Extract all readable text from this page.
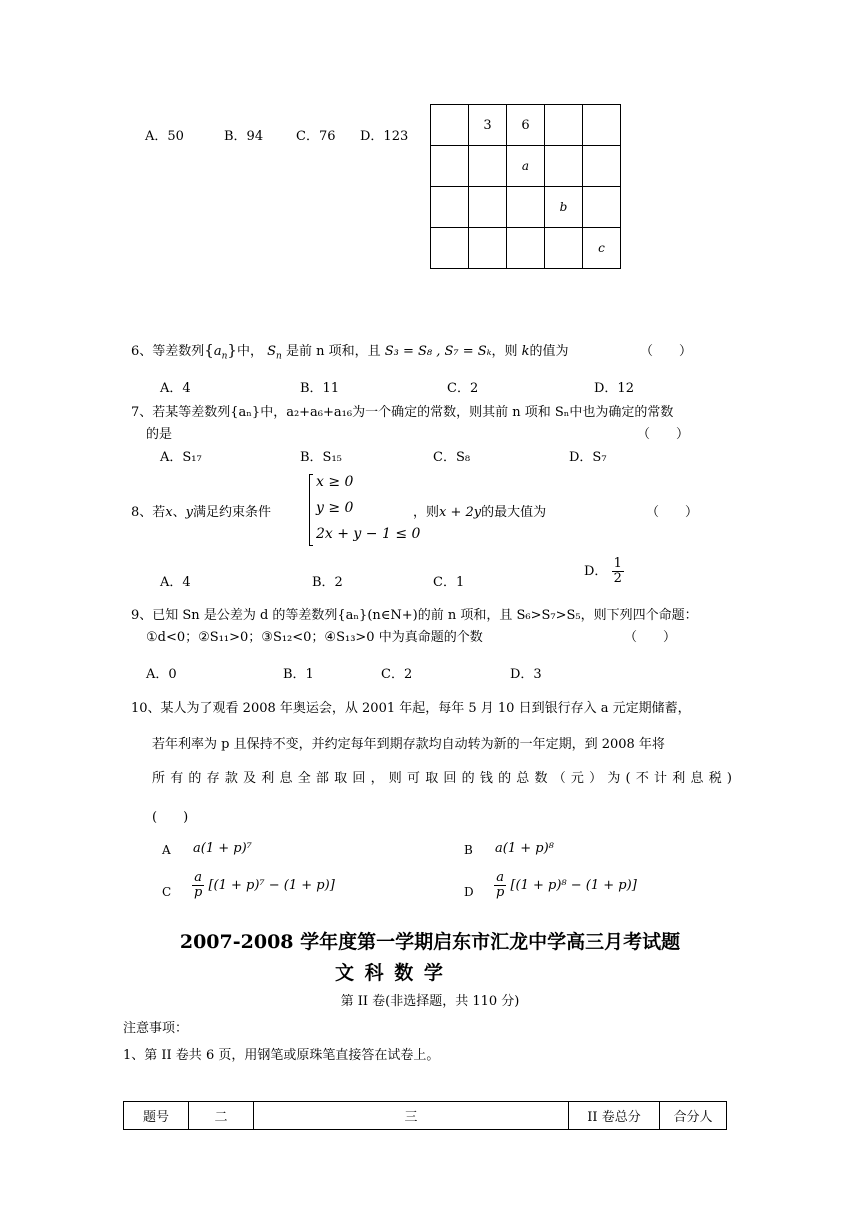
A．50	B．94	C．76 D．123
	3	6		
		a		
			b	
				c
6、等差数列$\{a_n\}$中， $S_n$ 是前 n 项和，且 S₃ = S₈ , S₇ = Sₖ，则 k的值为	（　　）
A．4	B．11	C．2	D．12
7、若某等差数列{aₙ}中，a₂+a₆+a₁₆为一个确定的常数，则其前 n 项和 Sₙ中也为确定的常数
的是	（　　）
A．S₁₇	B．S₁₅	C．S₈	D．S₇
8、若x、y满足约束条件
x ≥ 0
y ≥ 0
2x + y − 1 ≤ 0
，则x + 2y的最大值为	（　　）
A．4	B．2	C．1
D． $\frac{1}{2}$
9、已知 Sn 是公差为 d 的等差数列{aₙ}(n∈N+)的前 n 项和，且 S₆>S₇>S₅，则下列四个命题：
①d<0；②S₁₁>0；③S₁₂<0；④S₁₃>0 中为真命题的个数	（　　）
A．0	B．1	C．2	D．3
10、某人为了观看 2008 年奥运会，从 2001 年起，每年 5 月 10 日到银行存入 a 元定期储蓄，
若年利率为 p 且保持不变，并约定每年到期存款均自动转为新的一年定期，到 2008 年将
所有的存款及利息全部取回，则可取回的钱的总数（元）为(不计利息税)
(　　)
A a(1 + p)⁷	B a(1 + p)⁸
C $\frac{a}{p} [(1 + p)^7 - (1 + p)]$	D $\frac{a}{p} [(1 + p)^8 - (1 + p)]$
2007-2008 学年度第一学期启东市汇龙中学高三月考试题
文 科 数 学
第 II 卷(非选择题，共 110 分)
注意事项：
1、第 II 卷共 6 页，用钢笔或原珠笔直接答在试卷上。
题号	二	三	II 卷总分	合分人
